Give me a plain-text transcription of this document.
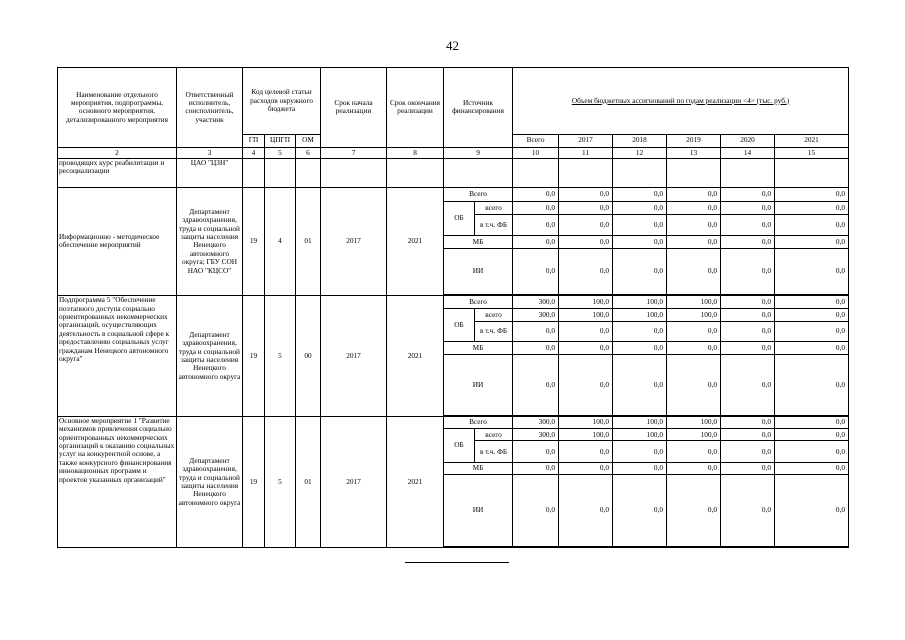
42
Наименование отдельного мероприятия, подпрограммы, основного мероприятия, детализированного мероприятия	Ответственный исполнитель, соисполнитель, участник	Код целевой статьи расходов окружного бюджета			Срок начала реализации	Срок окончания реализации	Источник финансирования		Объем бюджетных ассигнований по годам реализации <4> (тыс. руб.)					
		ГП	ЦПГП	ОМ					Всего	2017	2018	2019	2020	2021
2	3	4	5	6	7	8	9		10	11	12	13	14	15
проводящих курс реабилитации и ресоциализации	ЦАО "ЦЗН"													
Информационно - методическое обеспечение мероприятий	Департамент здравоохранения, труда и социальной защиты населения Ненецкого автономного округа; ГБУ СОН НАО "КЦСО"	19	4	01	2017	2021	Всего		0,0	0,0	0,0	0,0	0,0	0,0
							ОБ	всего	0,0	0,0	0,0	0,0	0,0	0,0
								в т.ч. ФБ	0,0	0,0	0,0	0,0	0,0	0,0
							МБ		0,0	0,0	0,0	0,0	0,0	0,0
							ИИ		0,0	0,0	0,0	0,0	0,0	0,0

Подпрограмма 5 "Обеспечение поэтапного доступа социально ориентированных некоммерческих организаций, осуществляющих деятельность в социальной сфере к предоставлению социальных услуг гражданам Ненецкого автономного округа"	Департамент здравоохранения, труда и социальной защиты населения Ненецкого автономного округа	19	5	00	2017	2021	Всего		300,0	100,0	100,0	100,0	0,0	0,0
							ОБ	всего	300,0	100,0	100,0	100,0	0,0	0,0
								в т.ч. ФБ	0,0	0,0	0,0	0,0	0,0	0,0
							МБ		0,0	0,0	0,0	0,0	0,0	0,0
							ИИ		0,0	0,0	0,0	0,0	0,0	0,0

Основное мероприятие 1 "Развитие механизмов привлечения социально ориентированных некоммерческих организаций к оказанию социальных услуг на конкурентной основе, а также конкурсного финансирования инновационных программ и проектов указанных организаций"	Департамент здравоохранения, труда и социальной защиты населения Ненецкого автономного округа	19	5	01	2017	2021	Всего		300,0	100,0	100,0	100,0	0,0	0,0
							ОБ	всего	300,0	100,0	100,0	100,0	0,0	0,0
								в т.ч. ФБ	0,0	0,0	0,0	0,0	0,0	0,0
							МБ		0,0	0,0	0,0	0,0	0,0	0,0
							ИИ		0,0	0,0	0,0	0,0	0,0	0,0
